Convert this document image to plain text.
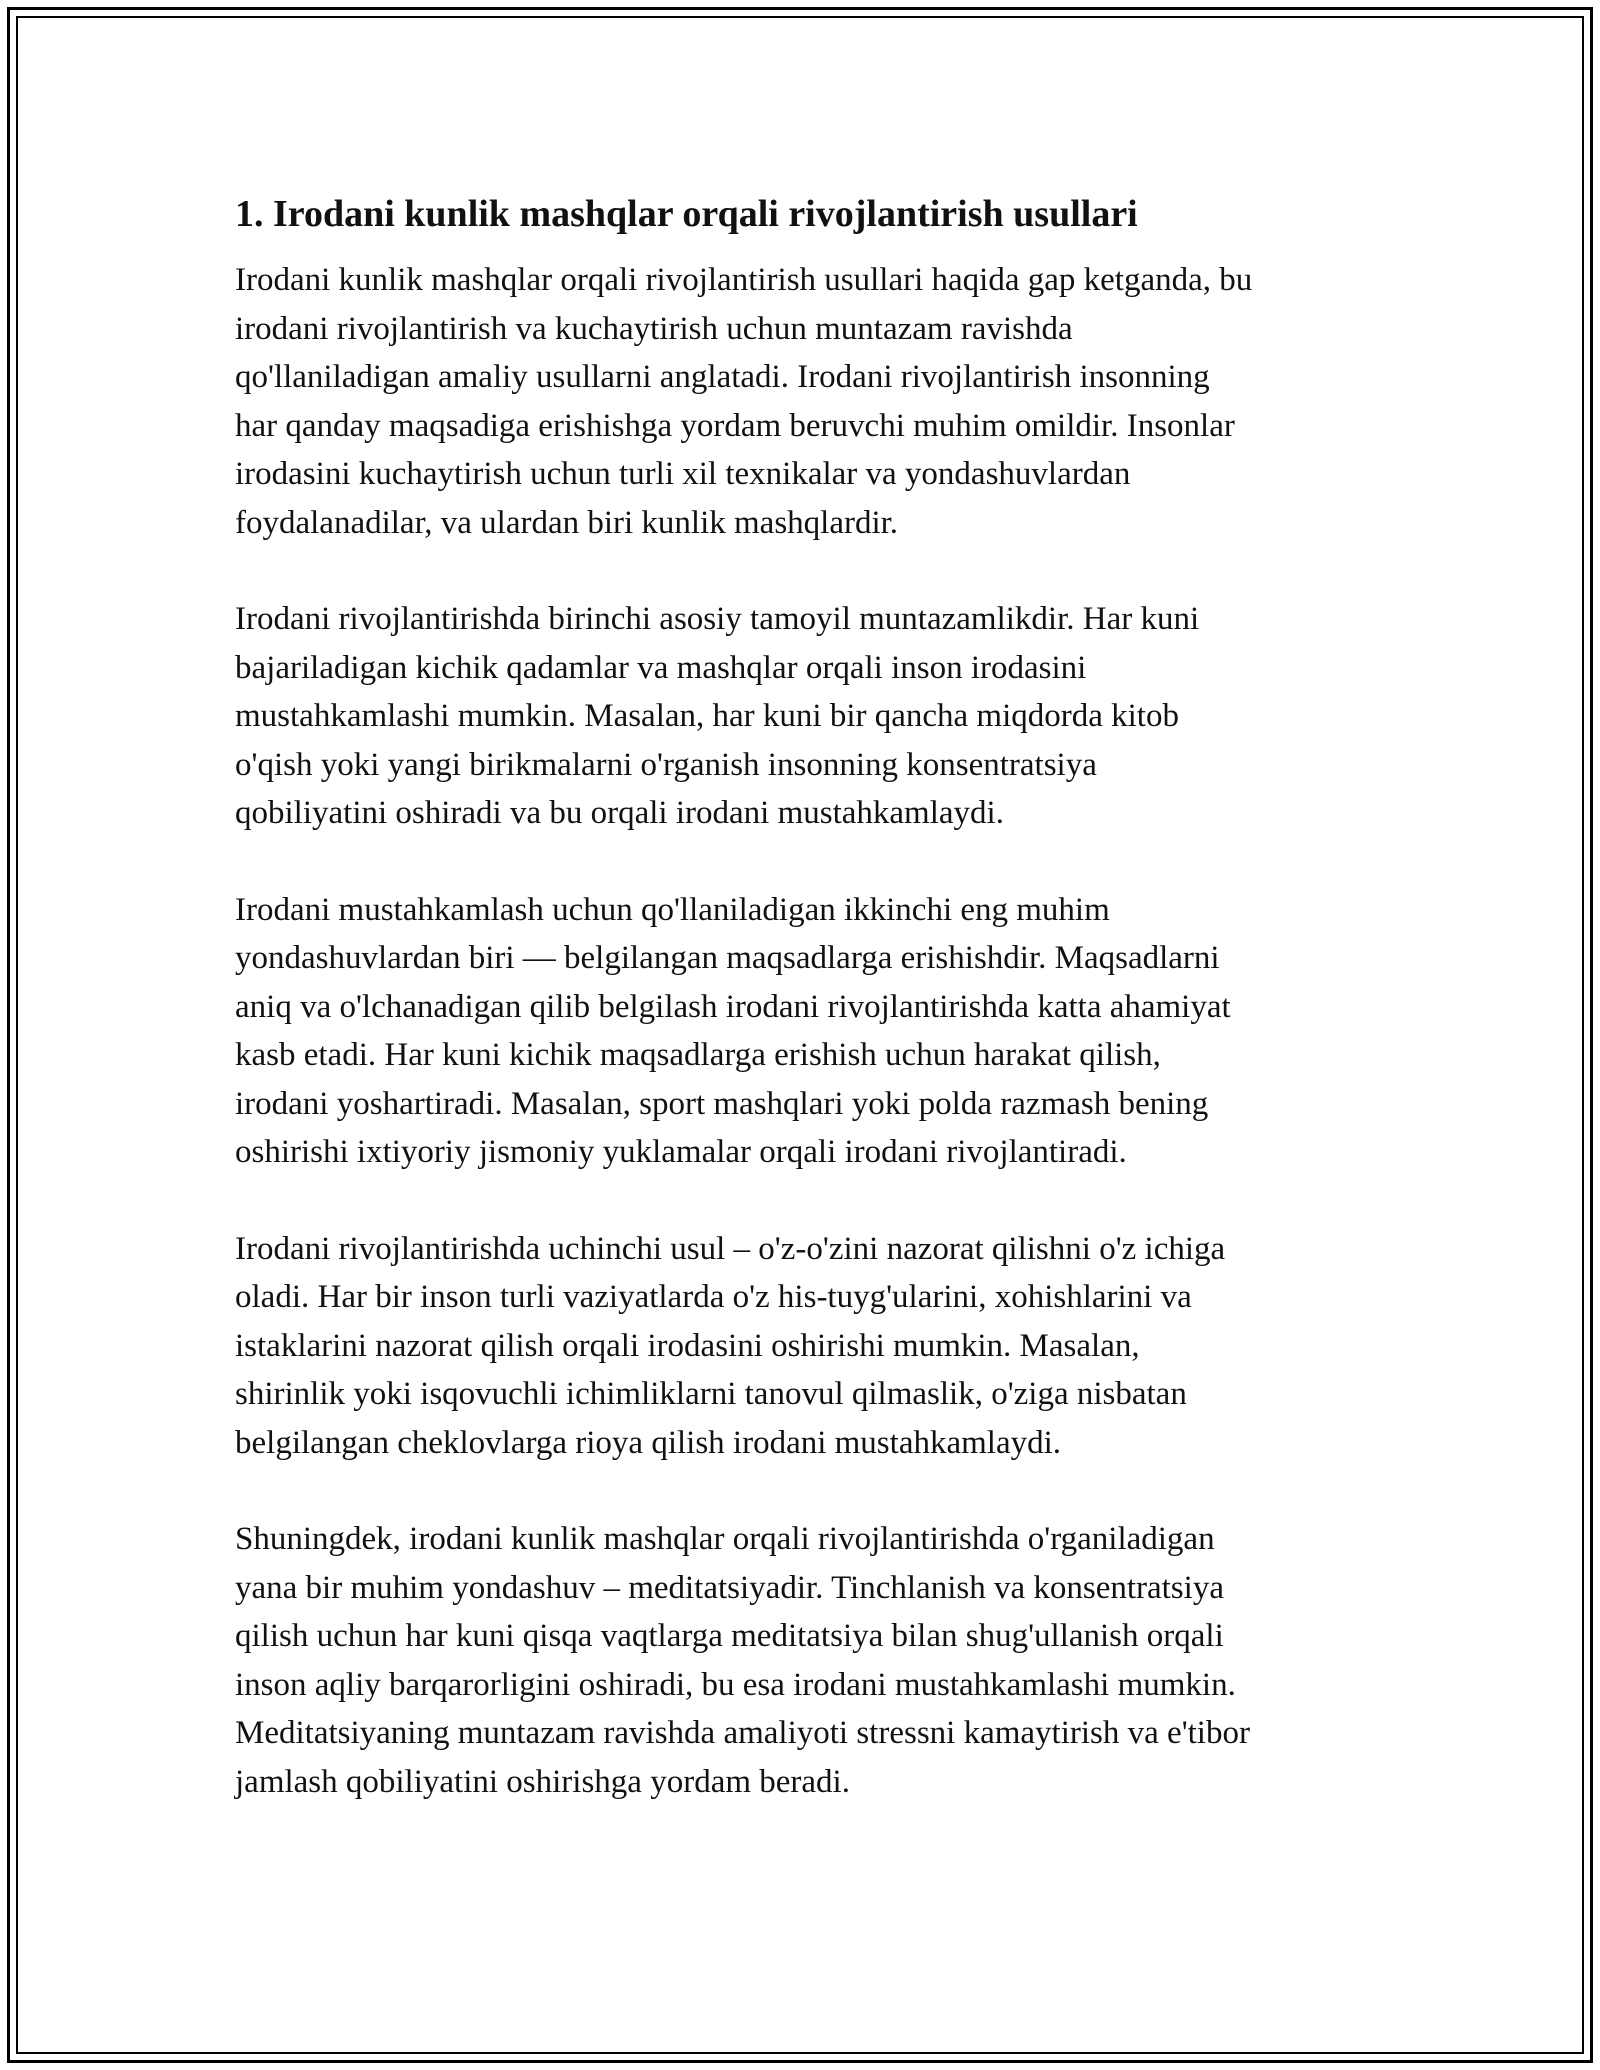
1. Irodani kunlik mashqlar orqali rivojlantirish usullari
Irodani kunlik mashqlar orqali rivojlantirish usullari haqida gap ketganda, bu
irodani rivojlantirish va kuchaytirish uchun muntazam ravishda
qo'llaniladigan amaliy usullarni anglatadi. Irodani rivojlantirish insonning
har qanday maqsadiga erishishga yordam beruvchi muhim omildir. Insonlar
irodasini kuchaytirish uchun turli xil texnikalar va yondashuvlardan
foydalanadilar, va ulardan biri kunlik mashqlardir.
Irodani rivojlantirishda birinchi asosiy tamoyil muntazamlikdir. Har kuni
bajariladigan kichik qadamlar va mashqlar orqali inson irodasini
mustahkamlashi mumkin. Masalan, har kuni bir qancha miqdorda kitob
o'qish yoki yangi birikmalarni o'rganish insonning konsentratsiya
qobiliyatini oshiradi va bu orqali irodani mustahkamlaydi.
Irodani mustahkamlash uchun qo'llaniladigan ikkinchi eng muhim
yondashuvlardan biri — belgilangan maqsadlarga erishishdir. Maqsadlarni
aniq va o'lchanadigan qilib belgilash irodani rivojlantirishda katta ahamiyat
kasb etadi. Har kuni kichik maqsadlarga erishish uchun harakat qilish,
irodani yoshartiradi. Masalan, sport mashqlari yoki polda razmash bening
oshirishi ixtiyoriy jismoniy yuklamalar orqali irodani rivojlantiradi.
Irodani rivojlantirishda uchinchi usul – o'z-o'zini nazorat qilishni o'z ichiga
oladi. Har bir inson turli vaziyatlarda o'z his-tuyg'ularini, xohishlarini va
istaklarini nazorat qilish orqali irodasini oshirishi mumkin. Masalan,
shirinlik yoki isqovuchli ichimliklarni tanovul qilmaslik, o'ziga nisbatan
belgilangan cheklovlarga rioya qilish irodani mustahkamlaydi.
Shuningdek, irodani kunlik mashqlar orqali rivojlantirishda o'rganiladigan
yana bir muhim yondashuv – meditatsiyadir. Tinchlanish va konsentratsiya
qilish uchun har kuni qisqa vaqtlarga meditatsiya bilan shug'ullanish orqali
inson aqliy barqarorligini oshiradi, bu esa irodani mustahkamlashi mumkin.
Meditatsiyaning muntazam ravishda amaliyoti stressni kamaytirish va e'tibor
jamlash qobiliyatini oshirishga yordam beradi.
